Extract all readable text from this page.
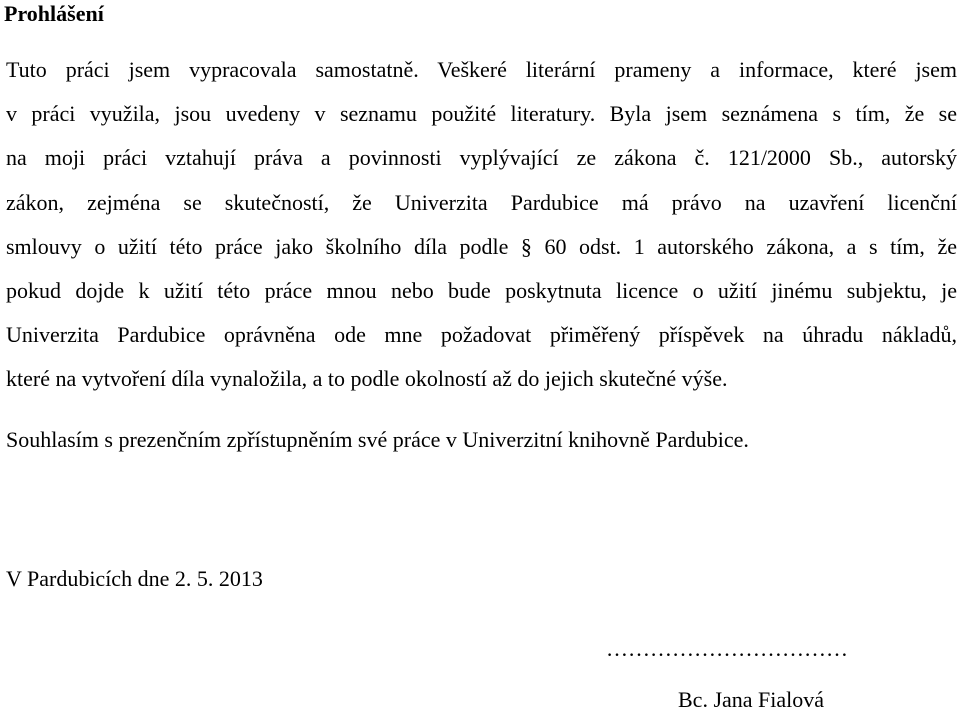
Prohlášení
Tuto práci jsem vypracovala samostatně. Veškeré literární prameny a informace, které jsem
v práci využila, jsou uvedeny v seznamu použité literatury. Byla jsem seznámena s tím, že se
na moji práci vztahují práva a povinnosti vyplývající ze zákona č. 121/2000 Sb., autorský
zákon, zejména se skutečností, že Univerzita Pardubice má právo na uzavření licenční
smlouvy o užití této práce jako školního díla podle § 60 odst. 1 autorského zákona, a s tím, že
pokud dojde k užití této práce mnou nebo bude poskytnuta licence o užití jinému subjektu, je
Univerzita Pardubice oprávněna ode mne požadovat přiměřený příspěvek na úhradu nákladů,
které na vytvoření díla vynaložila, a to podle okolností až do jejich skutečné výše.
Souhlasím s prezenčním zpřístupněním své práce v Univerzitní knihovně Pardubice.
V Pardubicích dne 2. 5. 2013
……………………………
Bc. Jana Fialová
